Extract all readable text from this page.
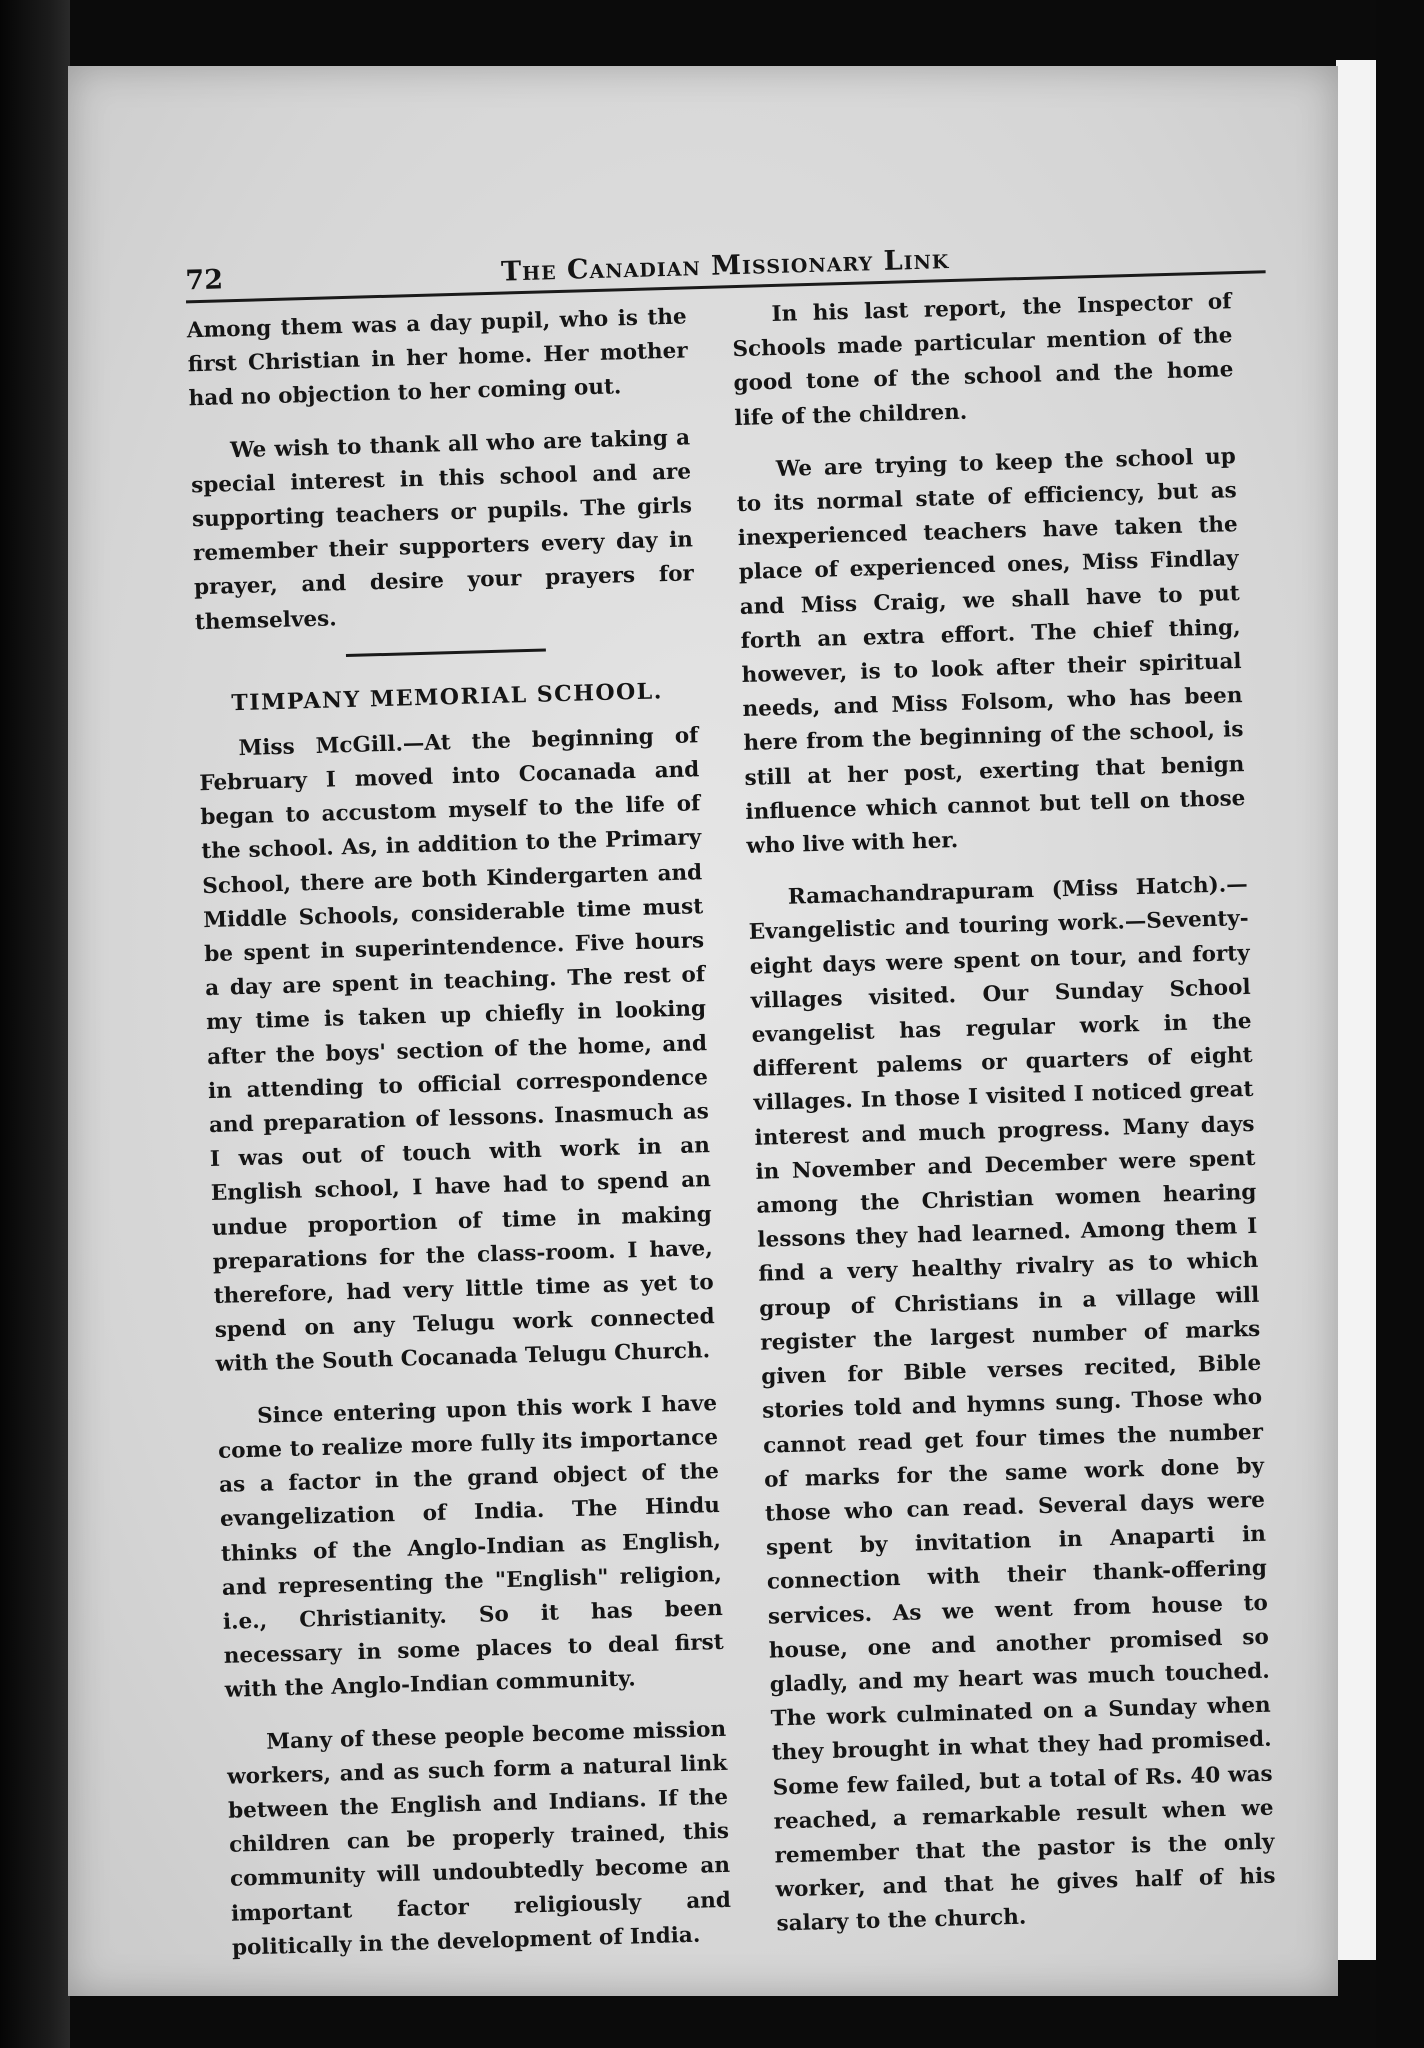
72	The Canadian Missionary Link

Among them was a day pupil, who is the first Christian in her home. Her mother had no objection to her coming out.

We wish to thank all who are taking a special interest in this school and are supporting teachers or pupils. The girls remember their supporters every day in prayer, and desire your prayers for themselves.

TIMPANY MEMORIAL SCHOOL.

Miss McGill.—At the beginning of February I moved into Cocanada and began to accustom myself to the life of the school. As, in addition to the Primary School, there are both Kindergarten and Middle Schools, considerable time must be spent in superintendence. Five hours a day are spent in teaching. The rest of my time is taken up chiefly in looking after the boys' section of the home, and in attending to official correspondence and preparation of lessons. Inasmuch as I was out of touch with work in an English school, I have had to spend an undue proportion of time in making preparations for the class-room. I have, therefore, had very little time as yet to spend on any Telugu work connected with the South Cocanada Telugu Church.

Since entering upon this work I have come to realize more fully its importance as a factor in the grand object of the evangelization of India. The Hindu thinks of the Anglo-Indian as English, and representing the "English" religion, i.e., Christianity. So it has been necessary in some places to deal first with the Anglo-Indian community.

Many of these people become mission workers, and as such form a natural link between the English and Indians. If the children can be properly trained, this community will undoubtedly become an important factor religiously and politically in the development of India.

In his last report, the Inspector of Schools made particular mention of the good tone of the school and the home life of the children.

We are trying to keep the school up to its normal state of efficiency, but as inexperienced teachers have taken the place of experienced ones, Miss Findlay and Miss Craig, we shall have to put forth an extra effort. The chief thing, however, is to look after their spiritual needs, and Miss Folsom, who has been here from the beginning of the school, is still at her post, exerting that benign influence which cannot but tell on those who live with her.

Ramachandrapuram (Miss Hatch).—Evangelistic and touring work.—Seventy-eight days were spent on tour, and forty villages visited. Our Sunday School evangelist has regular work in the different palems or quarters of eight villages. In those I visited I noticed great interest and much progress. Many days in November and December were spent among the Christian women hearing lessons they had learned. Among them I find a very healthy rivalry as to which group of Christians in a village will register the largest number of marks given for Bible verses recited, Bible stories told and hymns sung. Those who cannot read get four times the number of marks for the same work done by those who can read. Several days were spent by invitation in Anaparti in connection with their thank-offering services. As we went from house to house, one and another promised so gladly, and my heart was much touched. The work culminated on a Sunday when they brought in what they had promised. Some few failed, but a total of Rs. 40 was reached, a remarkable result when we remember that the pastor is the only worker, and that he gives half of his salary to the church.
